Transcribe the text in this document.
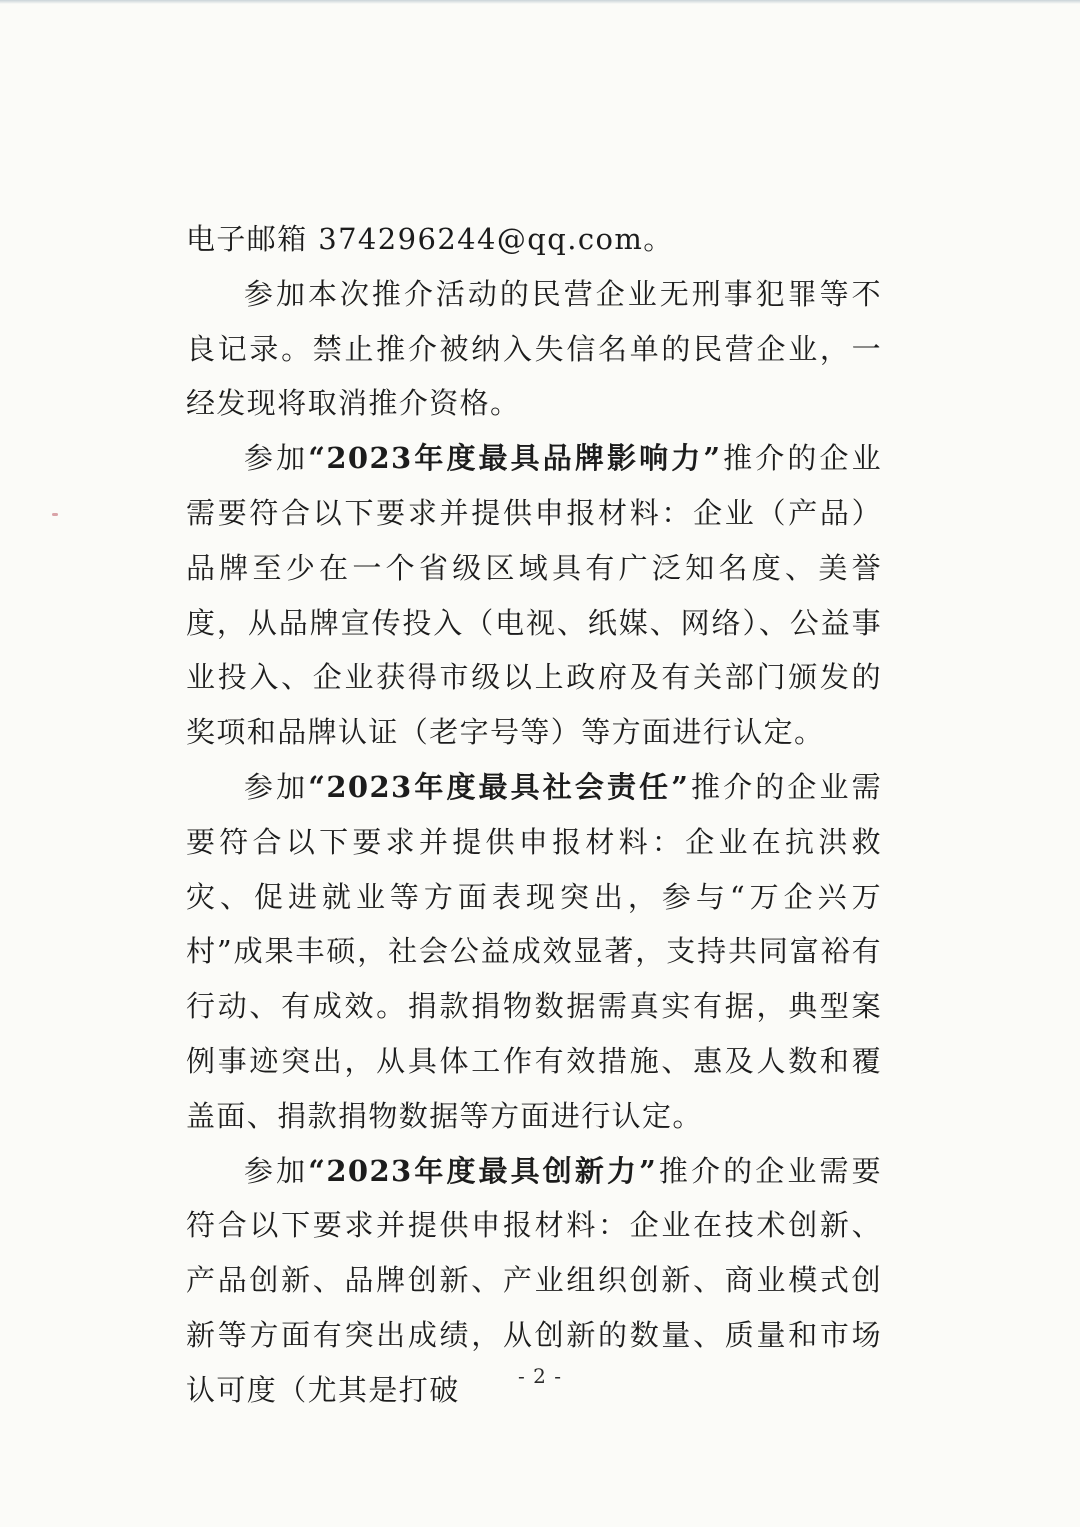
电子邮箱 374296244@qq.com。

参加本次推介活动的民营企业无刑事犯罪等不良记录。禁止推介被纳入失信名单的民营企业，一经发现将取消推介资格。

参加“2023年度最具品牌影响力”推介的企业需要符合以下要求并提供申报材料：企业（产品）品牌至少在一个省级区域具有广泛知名度、美誉度，从品牌宣传投入（电视、纸媒、网络）、公益事业投入、企业获得市级以上政府及有关部门颁发的奖项和品牌认证（老字号等）等方面进行认定。

参加“2023年度最具社会责任”推介的企业需要符合以下要求并提供申报材料：企业在抗洪救灾、促进就业等方面表现突出，参与“万企兴万村”成果丰硕，社会公益成效显著，支持共同富裕有行动、有成效。捐款捐物数据需真实有据，典型案例事迹突出，从具体工作有效措施、惠及人数和覆盖面、捐款捐物数据等方面进行认定。

参加“2023年度最具创新力”推介的企业需要符合以下要求并提供申报材料：企业在技术创新、产品创新、品牌创新、产业组织创新、商业模式创新等方面有突出成绩，从创新的数量、质量和市场认可度（尤其是打破	- 2 -
